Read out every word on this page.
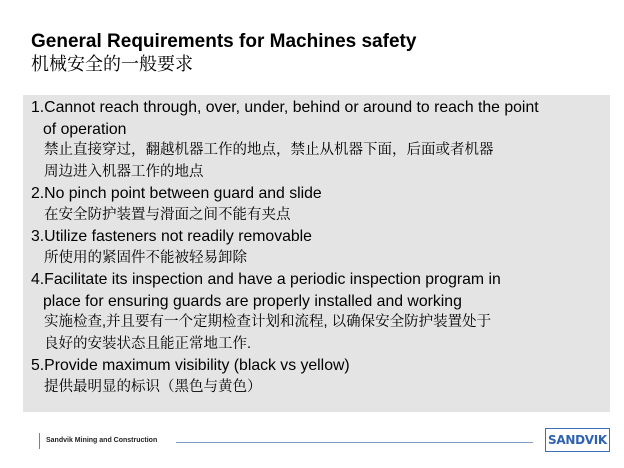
General Requirements for Machines safety
机械安全的一般要求
1.Cannot reach through, over, under, behind or around to reach the point
of operation
禁止直接穿过，翻越机器工作的地点，禁止从机器下面，后面或者机器
周边进入机器工作的地点
2.No pinch point between guard and slide
在安全防护装置与滑面之间不能有夹点
3.Utilize fasteners not readily removable
所使用的紧固件不能被轻易卸除
4.Facilitate its inspection and have a periodic inspection program in
place for ensuring guards are properly installed and working
实施检查,并且要有一个定期检查计划和流程, 以确保安全防护装置处于
良好的安装状态且能正常地工作.
5.Provide maximum visibility (black vs yellow)
提供最明显的标识（黑色与黄色）
Sandvik Mining and Construction	SANDVIK
